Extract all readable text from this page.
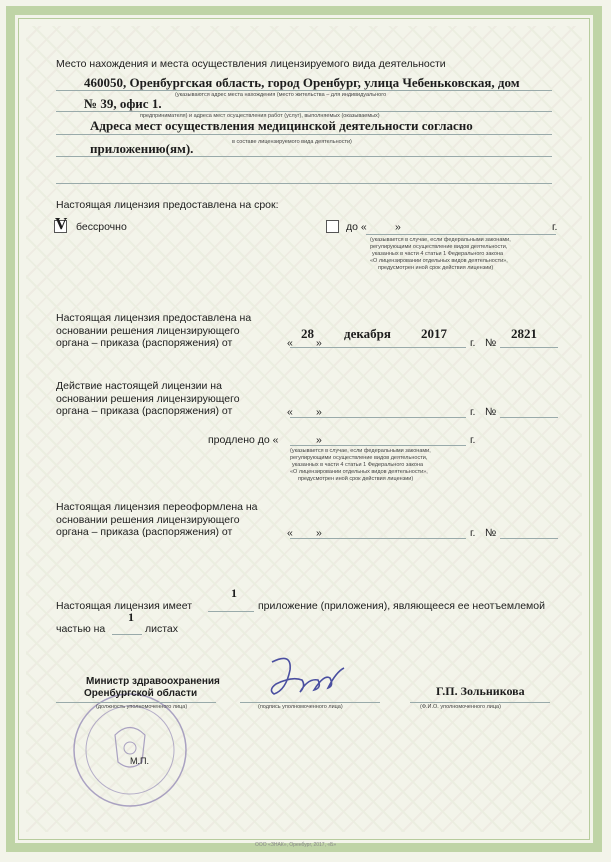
Место нахождения и места осуществления лицензируемого вида деятельности
460050, Оренбургская область, город Оренбург, улица Чебеньковская, дом
(указываются адрес места нахождения (место жительства – для индивидуального
№ 39, офис 1.
предпринимателя) и адреса мест осуществления работ (услуг), выполняемых (оказываемых)
Адреса мест осуществления медицинской деятельности согласно
приложению(ям).	в составе лицензируемого вида деятельности)
Настоящая лицензия предоставлена на срок:
V бессрочно	до «	»	г.
(указывается в случае, если федеральными законами,
регулирующими осуществление видов деятельности,
указанных в части 4 статьи 1 Федерального закона
«О лицензировании отдельных видов деятельности»,
предусмотрен иной срок действия лицензии)
Настоящая лицензия предоставлена на
основании решения лицензирующего
органа – приказа (распоряжения) от
28 декабря 2017	2821
« »	г. №
Действие настоящей лицензии на
основании решения лицензирующего
органа – приказа (распоряжения) от	« »	г. №
продлено до «	»	г.
(указывается в случае, если федеральными законами,
регулирующими осуществление видов деятельности,
указанных в части 4 статьи 1 Федерального закона
«О лицензировании отдельных видов деятельности»,
предусмотрен иной срок действия лицензии)
Настоящая лицензия переоформлена на
основании решения лицензирующего
органа – приказа (распоряжения) от	« »	г. №
1
Настоящая лицензия имеет	приложение (приложения), являющееся ее неотъемлемой
1
частью на	листах
Министр здравоохранения
Оренбургской области
(должность уполномоченного лица)	(подпись уполномоченного лица)
Г.П. Зольникова
(Ф.И.О. уполномоченного лица)
М.П.
ООО «ЗНАК», Оренбург, 2017, «Б»
